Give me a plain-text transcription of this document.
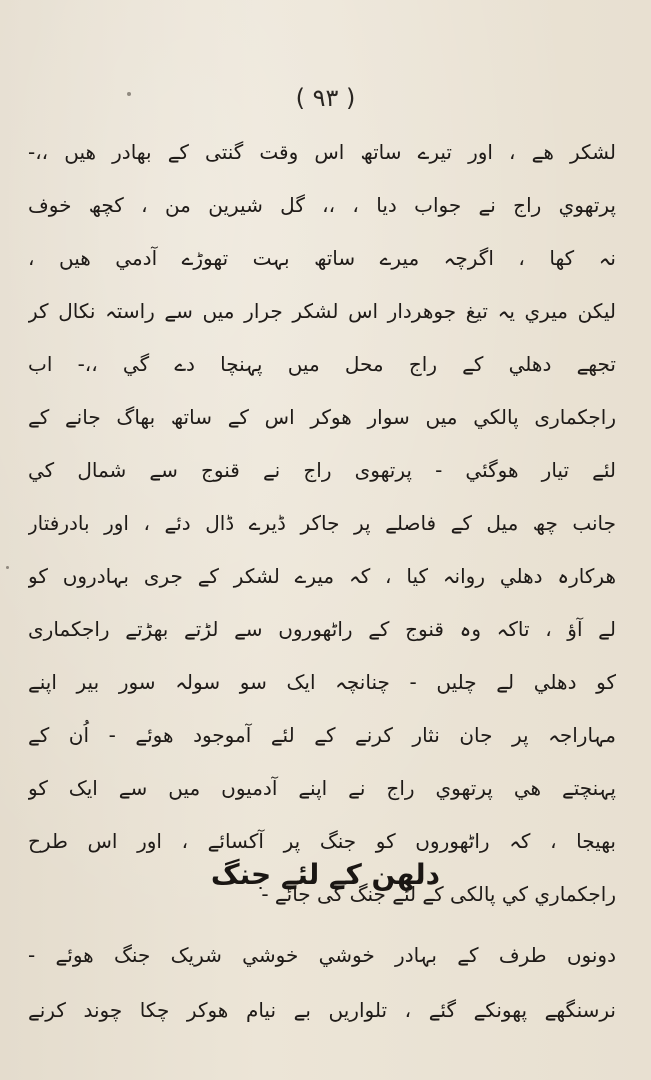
( ۹۳ )
لشکر ھے ، اور تیرے ساتھ اس وقت گنتی کے بھادر ھیں ،،-
پرتھوي راج نے جواب دیا ، ،، گل شیرین من ، کچھ خوف
نہ کھا ، اگرچہ میرے ساتھ بہت تھوڑے آدمي ھیں ،
لیکن میري یہ تیغ جوھردار اس لشکر جرار میں سے راستہ نکال کر
تجھے دھلي کے راج محل میں پہنچا دے گي ،،- اب
راجکماری پالکي میں سوار ھوکر اس کے ساتھ بھاگ جانے کے
لئے تیار ھوگئي - پرتھوی راج نے قنوج سے شمال کي
جانب چھ میل کے فاصلے پر جاکر ڈیرے ڈال دئے ، اور بادرفتار
ھرکارہ دھلي روانہ کیا ، کہ میرے لشکر کے جری بہادروں کو
لے آؤ ، تاکہ وہ قنوج کے راٹھوروں سے لڑتے بھڑتے راجکماری
کو دھلي لے چلیں - چنانچہ ایک سو سولہ سور بیر اپنے
مہاراجہ پر جان نثار کرنے کے لئے آموجود ھوئے - اُن کے
پہنچتے ھي پرتھوي راج نے اپنے آدمیوں میں سے ایک کو
بھیجا ، کہ راٹھوروں کو جنگ پر آکسائے ، اور اس طرح
راجکماري کي پالکی کے لئے جنگ کی جائے -
دلھن کے لئے جنگ
دونوں طرف کے بہادر خوشي خوشي شریک جنگ ھوئے -
نرسنگھے پھونکے گئے ، تلواریں بے نیام ھوکر چکا چوند کرنے
